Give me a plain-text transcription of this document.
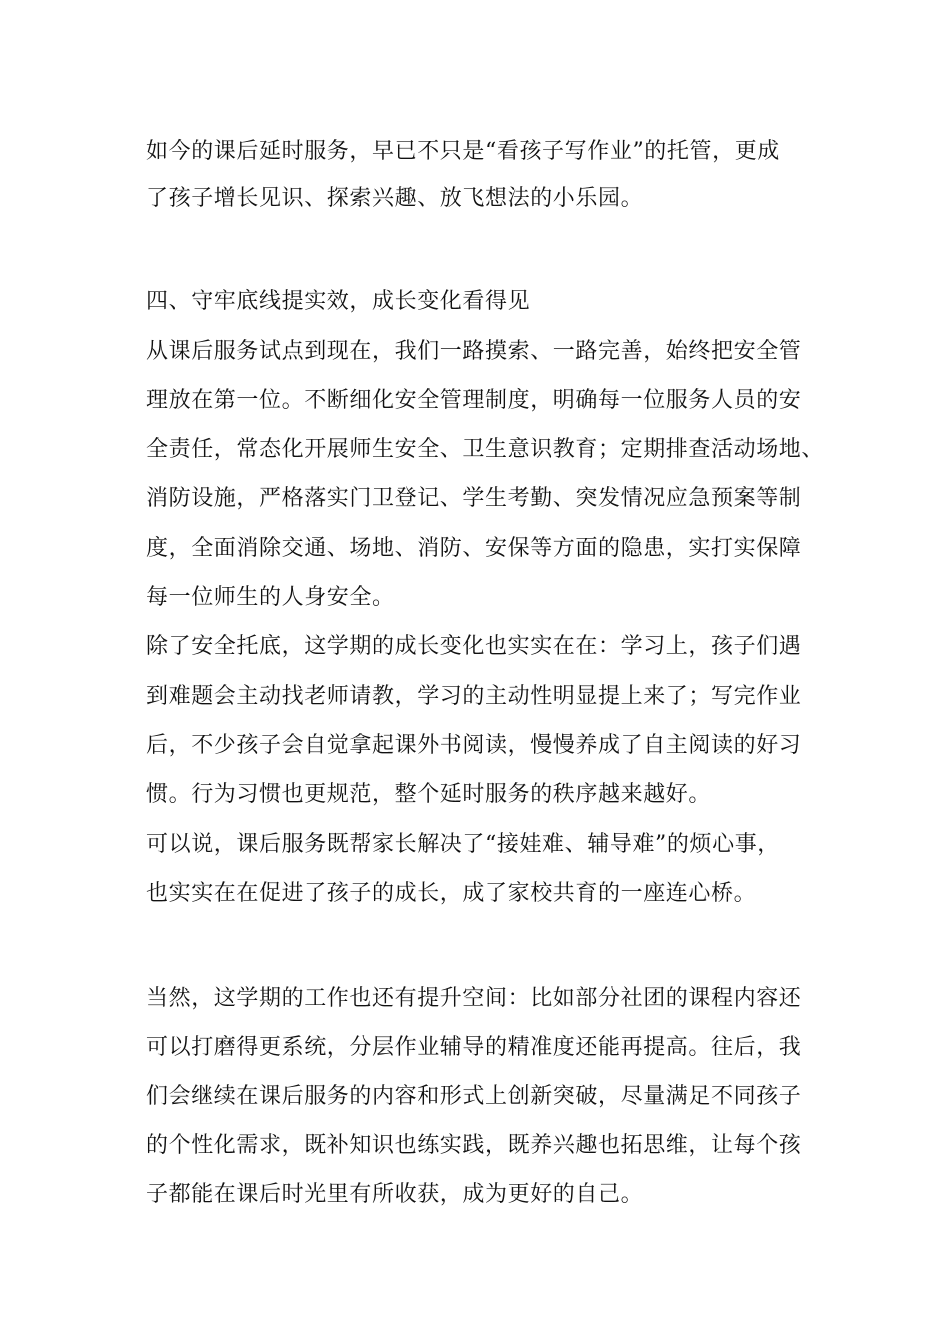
如今的课后延时服务，早已不只是“看孩子写作业”的托管，更成
了孩子增长见识、探索兴趣、放飞想法的小乐园。
四、守牢底线提实效，成长变化看得见
从课后服务试点到现在，我们一路摸索、一路完善，始终把安全管
理放在第一位。不断细化安全管理制度，明确每一位服务人员的安
全责任，常态化开展师生安全、卫生意识教育；定期排查活动场地、
消防设施，严格落实门卫登记、学生考勤、突发情况应急预案等制
度，全面消除交通、场地、消防、安保等方面的隐患，实打实保障
每一位师生的人身安全。
除了安全托底，这学期的成长变化也实实在在：学习上，孩子们遇
到难题会主动找老师请教，学习的主动性明显提上来了；写完作业
后，不少孩子会自觉拿起课外书阅读，慢慢养成了自主阅读的好习
惯。行为习惯也更规范，整个延时服务的秩序越来越好。
可以说，课后服务既帮家长解决了“接娃难、辅导难”的烦心事，
也实实在在促进了孩子的成长，成了家校共育的一座连心桥。
当然，这学期的工作也还有提升空间：比如部分社团的课程内容还
可以打磨得更系统，分层作业辅导的精准度还能再提高。往后，我
们会继续在课后服务的内容和形式上创新突破，尽量满足不同孩子
的个性化需求，既补知识也练实践，既养兴趣也拓思维，让每个孩
子都能在课后时光里有所收获，成为更好的自己。
